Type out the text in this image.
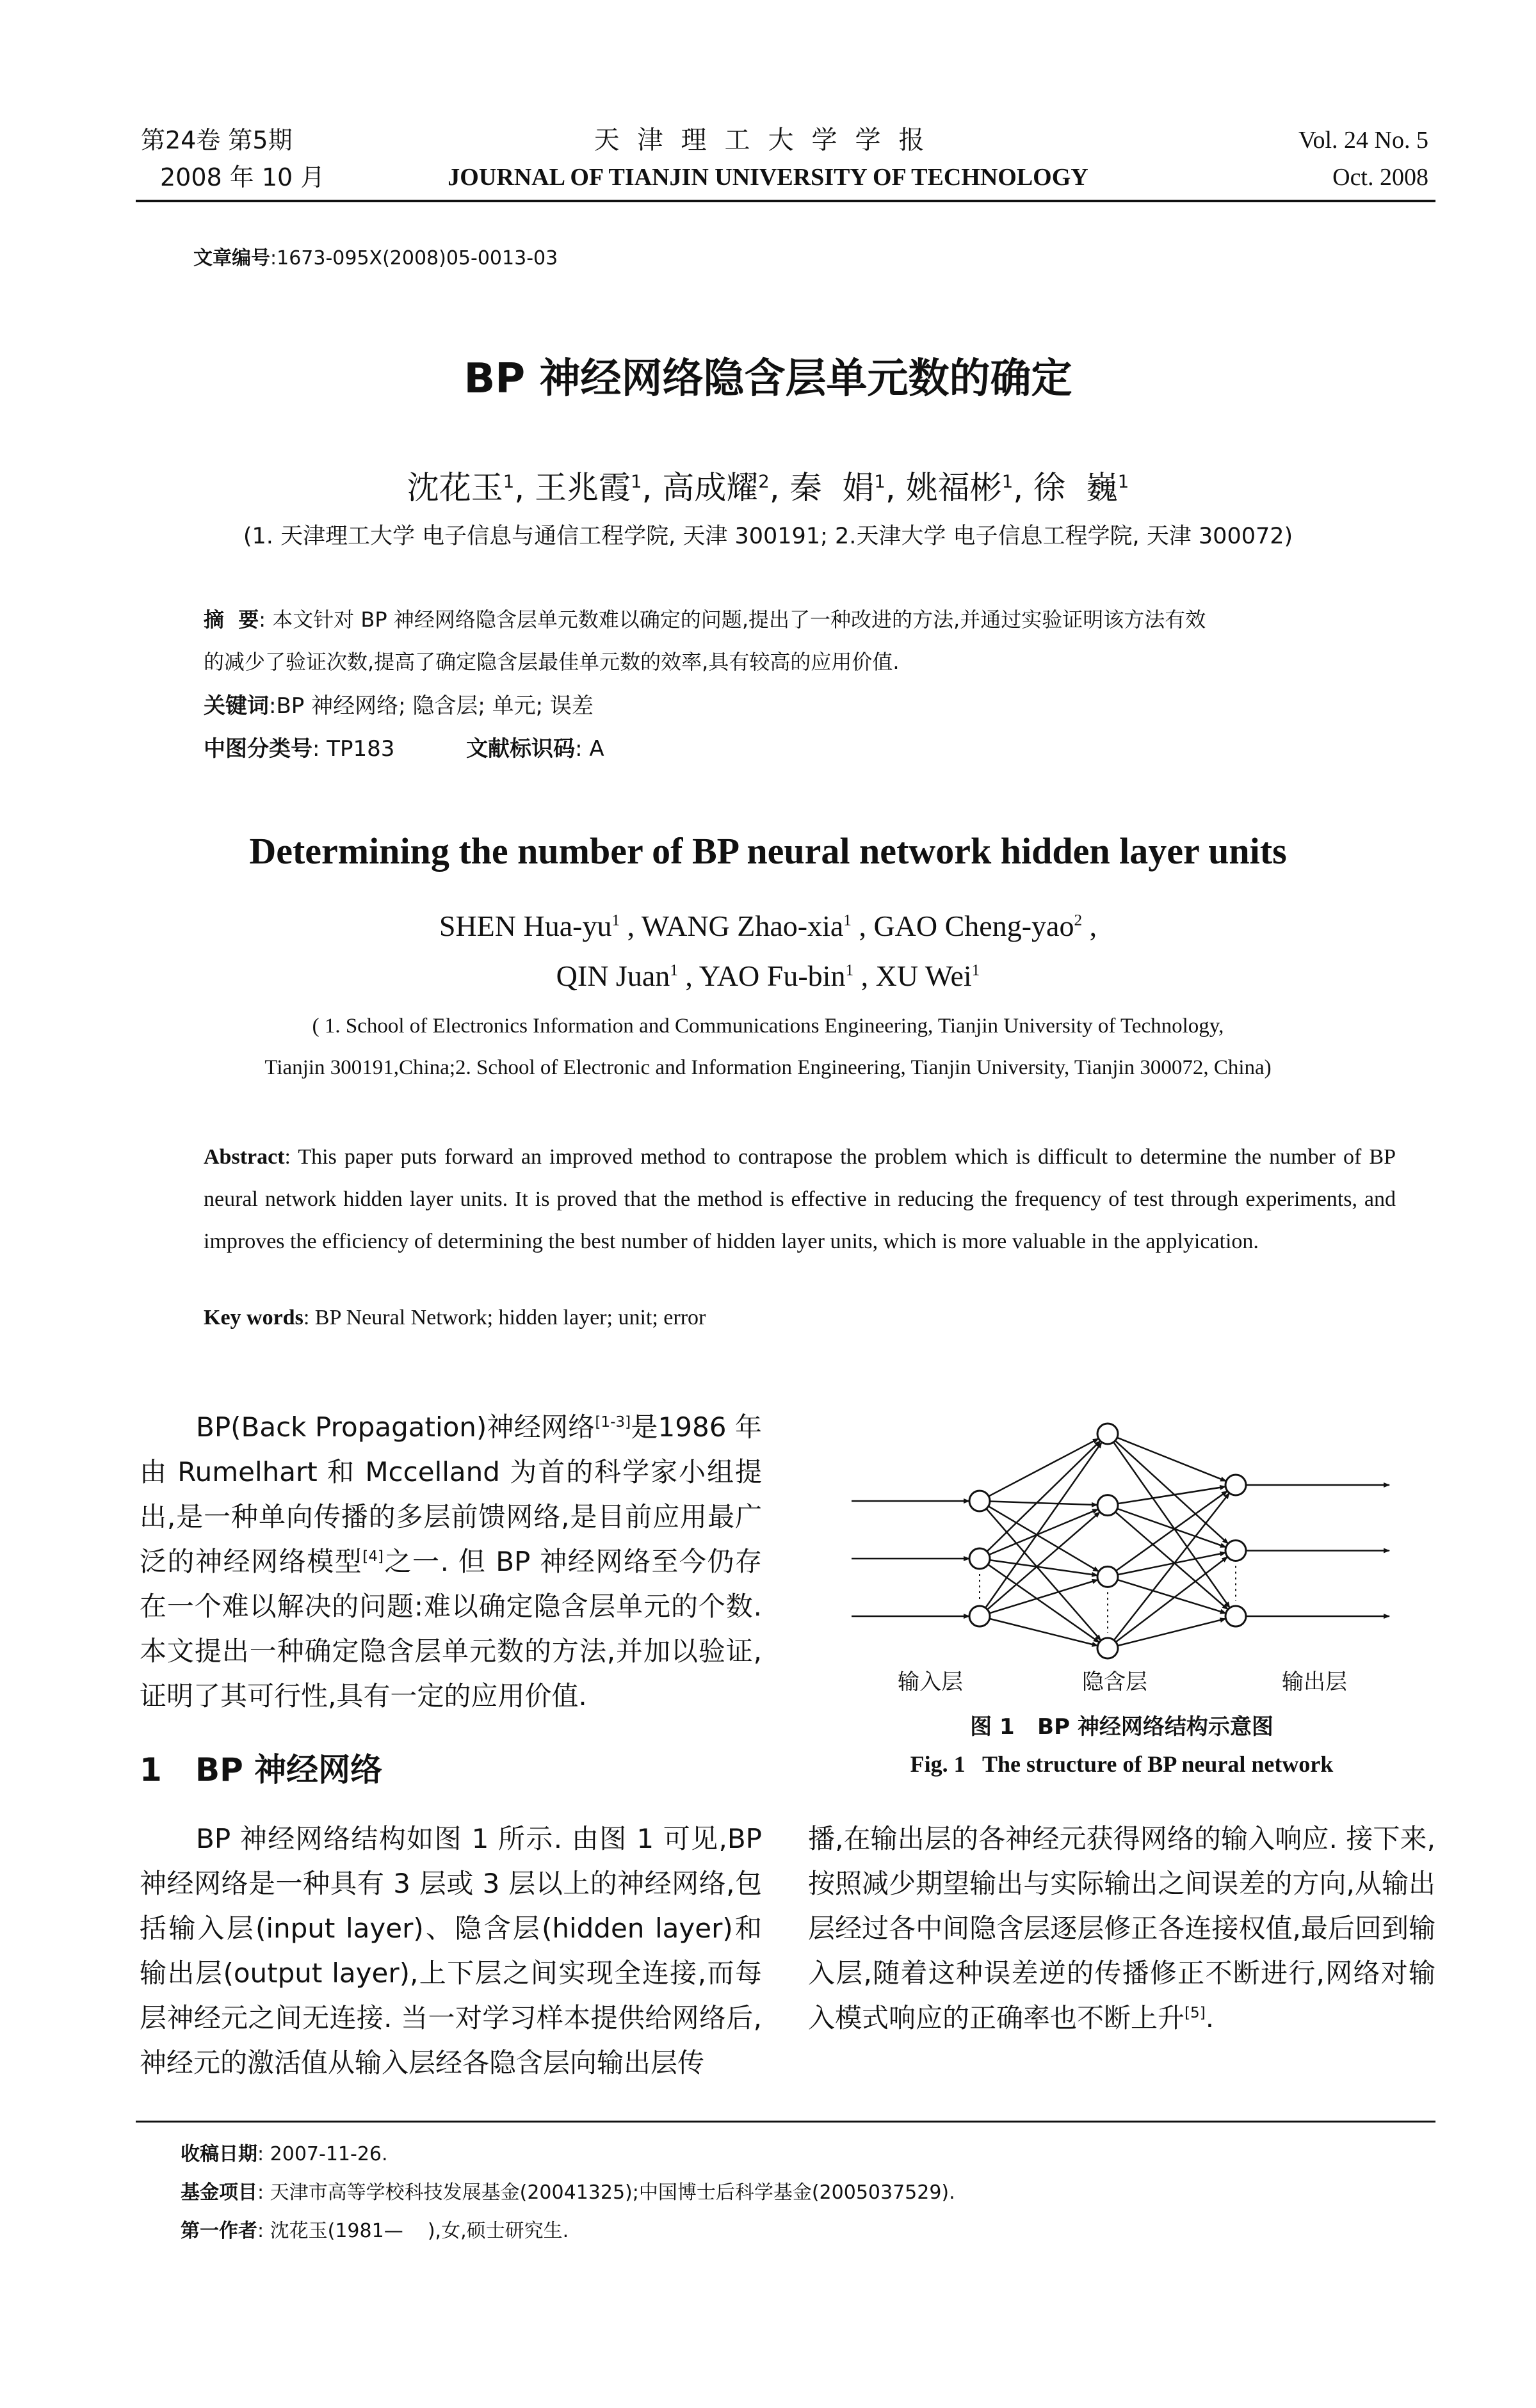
第24卷 第5期
2008 年 10 月
天津理工大学学报
JOURNAL OF TIANJIN UNIVERSITY OF TECHNOLOGY
Vol. 24 No. 5
Oct. 2008
文章编号:1673-095X(2008)05-0013-03
BP 神经网络隐含层单元数的确定
沈花玉$^1$, 王兆霞$^1$, 高成耀$^2$, 秦  娟$^1$, 姚福彬$^1$, 徐  巍$^1$
(1. 天津理工大学 电子信息与通信工程学院, 天津 300191; 2.天津大学 电子信息工程学院, 天津 300072)
摘  要: 本文针对 BP 神经网络隐含层单元数难以确定的问题,提出了一种改进的方法,并通过实验证明该方法有效
的减少了验证次数,提高了确定隐含层最佳单元数的效率,具有较高的应用价值.
关键词:BP 神经网络; 隐含层; 单元; 误差
中图分类号: TP183	文献标识码: A
Determining the number of BP neural network hidden layer units
SHEN Hua-$yu^1$ , WANG Zhao-xia$^1$ , GAO Cheng-yao$^2$ ,
QIN Juan$^1$ , YAO Fu-bin$^1$ , XU Wei$^1$
( 1. School of Electronics Information and Communications Engineering, Tianjin University of Technology,
Tianjin 300191,China;2. School of Electronic and Information Engineering, Tianjin University, Tianjin 300072, China)
Abstract: This paper puts forward an improved method to contrapose the problem which is difficult to determine the number of BP neural network hidden layer units. It is proved that the method is effective in reducing the frequency of test through experiments, and improves the efficiency of determining the best number of hidden layer units, which is more valuable in the applyication.
Key words: BP Neural Network; hidden layer; unit; error
BP(Back Propagation)神经网络[1-3]是1986 年由 Rumelhart 和 Mccelland 为首的科学家小组提出,是一种单向传播的多层前馈网络,是目前应用最广泛的神经网络模型[4]之一. 但 BP 神经网络至今仍存在一个难以解决的问题:难以确定隐含层单元的个数. 本文提出一种确定隐含层单元数的方法,并加以验证,证明了其可行性,具有一定的应用价值.
1   BP 神经网络
BP 神经网络结构如图 1 所示. 由图 1 可见,BP 神经网络是一种具有 3 层或 3 层以上的神经网络,包括输入层(input layer)、隐含层(hidden layer)和输出层(output layer),上下层之间实现全连接,而每层神经元之间无连接. 当一对学习样本提供给网络后,神经元的激活值从输入层经各隐含层向输出层传
输入层	隐含层	输出层
图 1   BP 神经网络结构示意图
Fig. 1   The structure of BP neural network
播,在输出层的各神经元获得网络的输入响应. 接下来,按照减少期望输出与实际输出之间误差的方向,从输出层经过各中间隐含层逐层修正各连接权值,最后回到输入层,随着这种误差逆的传播修正不断进行,网络对输入模式响应的正确率也不断上升[5].
收稿日期: 2007-11-26.
基金项目: 天津市高等学校科技发展基金(20041325);中国博士后科学基金(2005037529).
第一作者: 沈花玉(1981—    ),女,硕士研究生.
